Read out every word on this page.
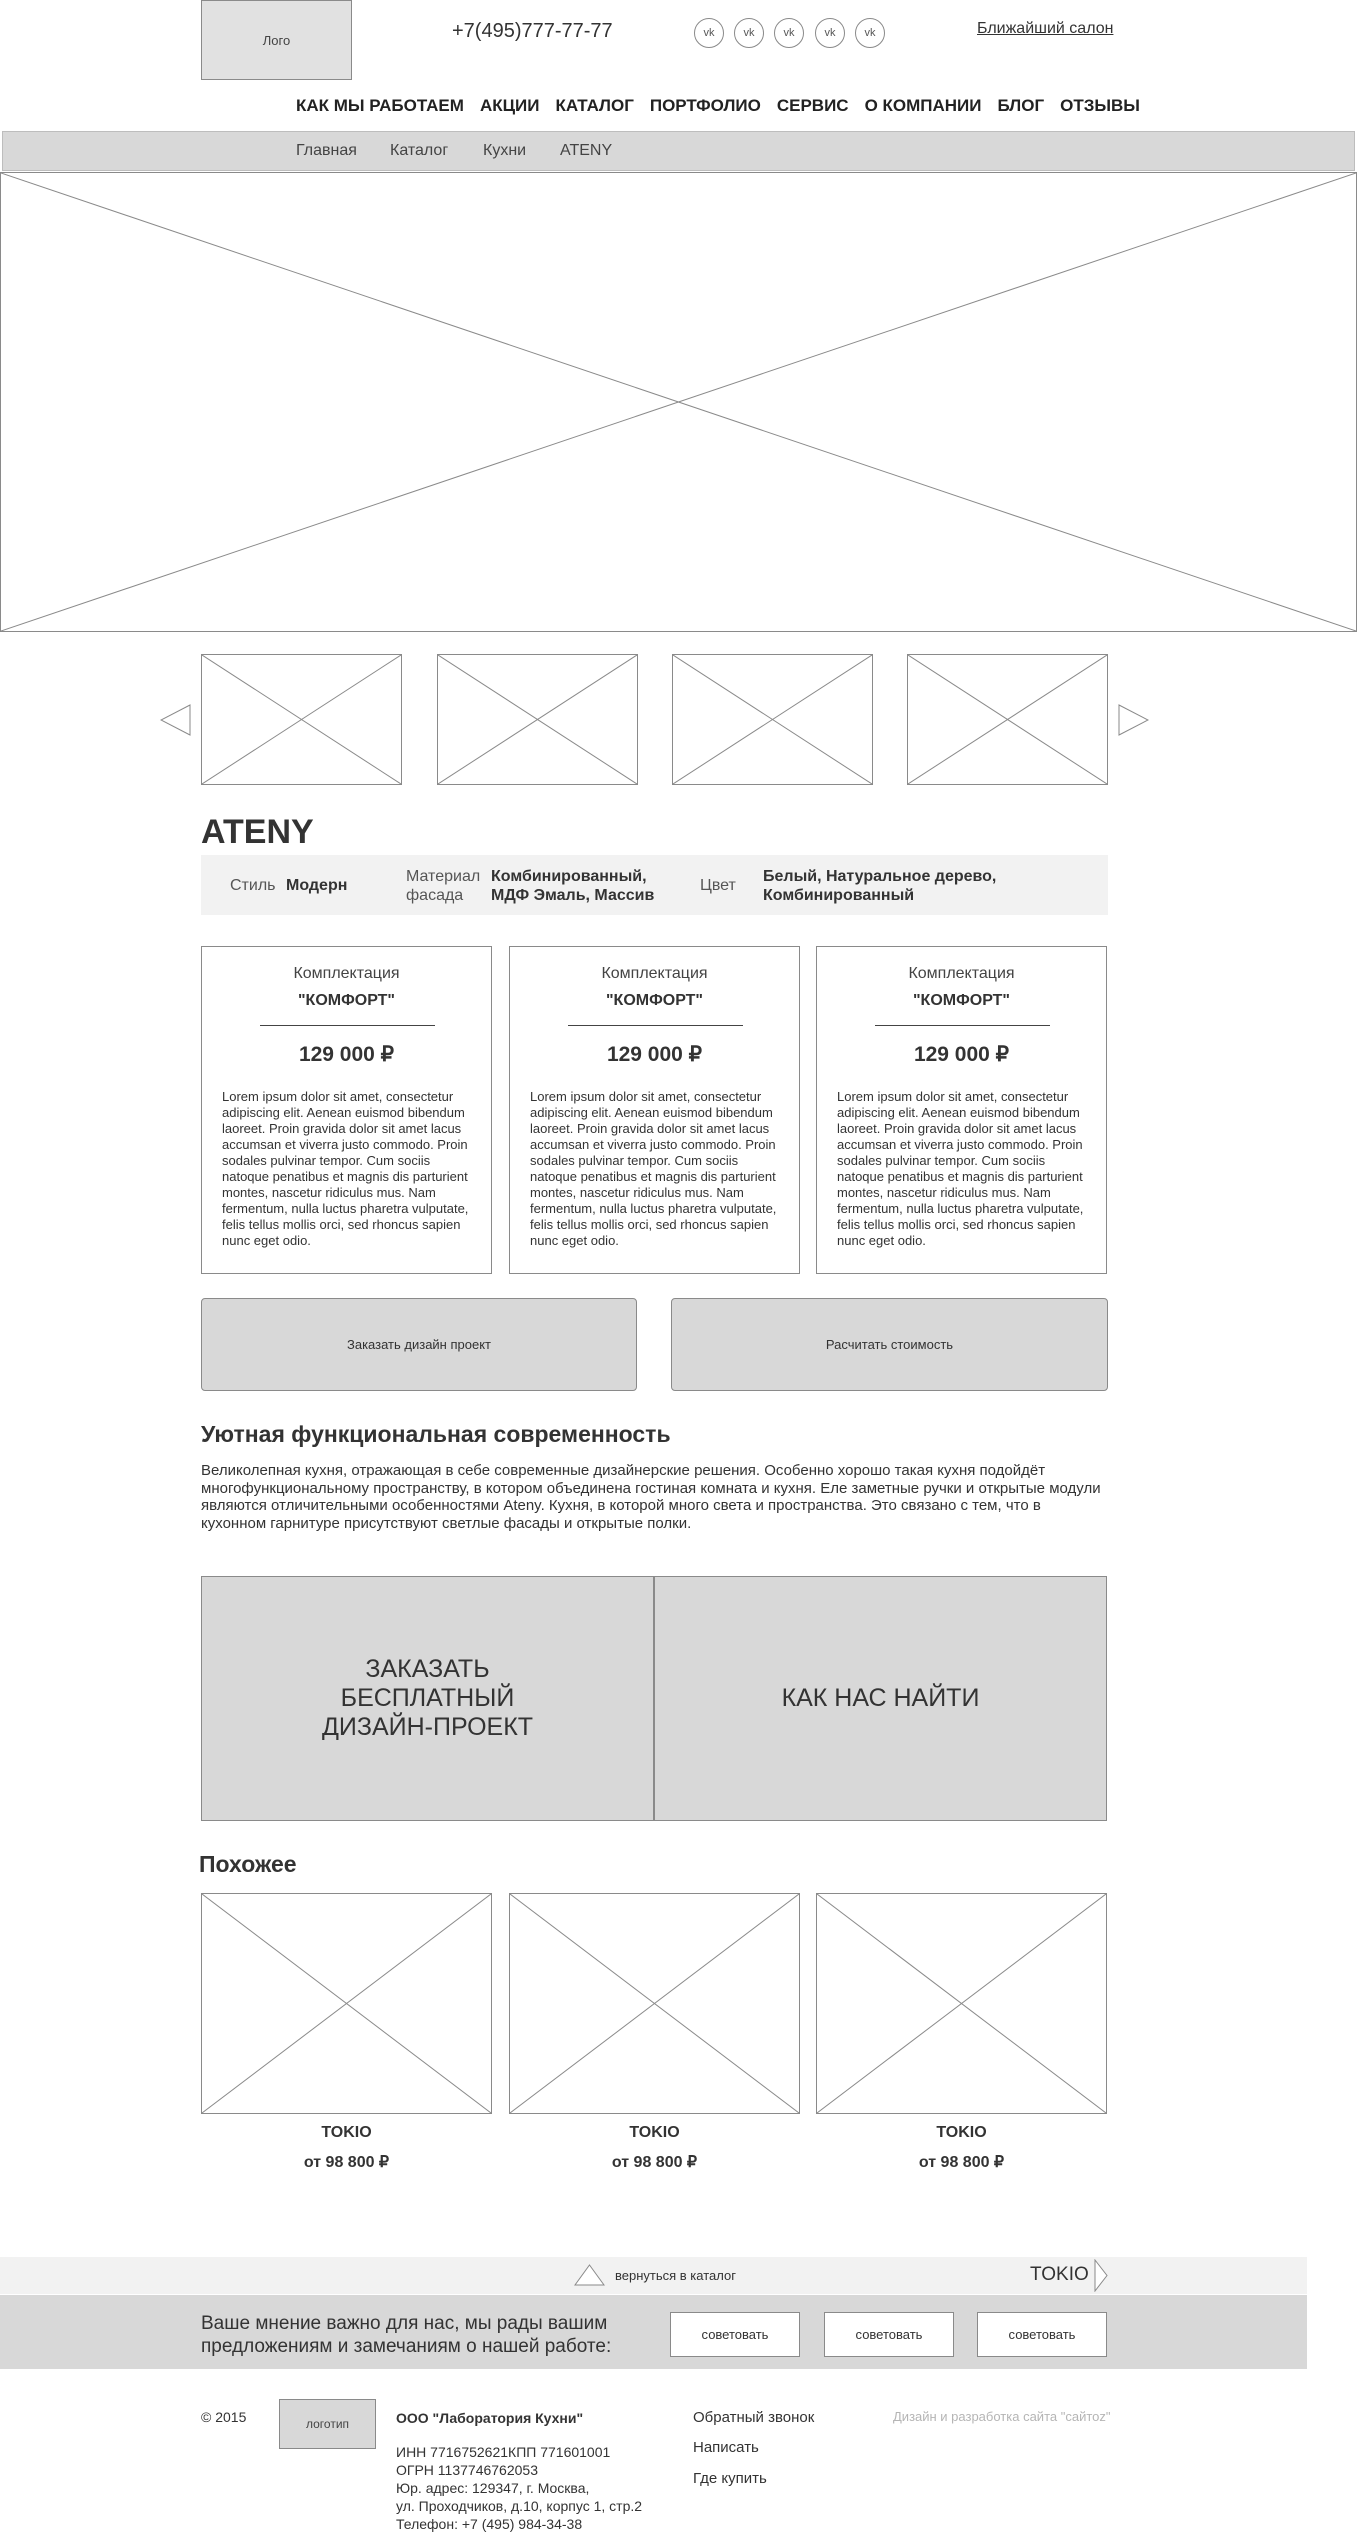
Лого	+7(495)777-77-77	vk	vk	vk	vk	vk	Ближайший салон
КАК МЫ РАБОТАЕМ АКЦИИ КАТАЛОГ ПОРТФОЛИО СЕРВИС О КОМПАНИИ БЛОГ ОТЗЫВЫ
Главная Каталог Кухни ATENY
ATENY
Стиль Модерн
Материал фасада
Комбинированный, МДФ Эмаль, Массив
Цвет
Белый, Натуральное дерево, Комбинированный
Комплектация
"КОМФОРТ"
129 000 ₽
Lorem ipsum dolor sit amet, consectetur adipiscing elit. Aenean euismod bibendum laoreet. Proin gravida dolor sit amet lacus accumsan et viverra justo commodo. Proin sodales pulvinar tempor. Cum sociis natoque penatibus et magnis dis parturient montes, nascetur ridiculus mus. Nam fermentum, nulla luctus pharetra vulputate, felis tellus mollis orci, sed rhoncus sapien nunc eget odio.
Комплектация
"КОМФОРТ"
129 000 ₽
Lorem ipsum dolor sit amet, consectetur adipiscing elit. Aenean euismod bibendum laoreet. Proin gravida dolor sit amet lacus accumsan et viverra justo commodo. Proin sodales pulvinar tempor. Cum sociis natoque penatibus et magnis dis parturient montes, nascetur ridiculus mus. Nam fermentum, nulla luctus pharetra vulputate, felis tellus mollis orci, sed rhoncus sapien nunc eget odio.
Комплектация
"КОМФОРТ"
129 000 ₽
Lorem ipsum dolor sit amet, consectetur adipiscing elit. Aenean euismod bibendum laoreet. Proin gravida dolor sit amet lacus accumsan et viverra justo commodo. Proin sodales pulvinar tempor. Cum sociis natoque penatibus et magnis dis parturient montes, nascetur ridiculus mus. Nam fermentum, nulla luctus pharetra vulputate, felis tellus mollis orci, sed rhoncus sapien nunc eget odio.
Заказать дизайн проект	Расчитать стоимость
Уютная функциональная современность
Великолепная кухня, отражающая в себе современные дизайнерские решения. Особенно хорошо такая кухня подойдёт многофункциональному пространству, в котором объединена гостиная комната и кухня. Еле заметные ручки и открытые модули являются отличительными особенностями Ateny. Кухня, в которой много света и пространства. Это связано с тем, что в кухонном гарнитуре присутствуют светлые фасады и открытые полки.
ЗАКАЗАТЬ
БЕСПЛАТНЫЙ
ДИЗАЙН-ПРОЕКТ
КАК НАС НАЙТИ
Похожее
TOKIO	TOKIO	TOKIO
от 98 800 ₽	от 98 800 ₽	от 98 800 ₽
вернуться в каталог	TOKIO
Ваше мнение важно для нас, мы рады вашим предложениям и замечаниям о нашей работе:
советовать	советовать	советовать
© 2015	логотип	ООО "Лаборатория Кухни"
ИНН 7716752621КПП 771601001
ОГРН 1137746762053
Юр. адрес: 129347, г. Москва,
ул. Проходчиков, д.10, корпус 1, стр.2
Телефон: +7 (495) 984-34-38
Обратный звонок
Написать
Где купить
Дизайн и разработка сайта "сайтоz"
